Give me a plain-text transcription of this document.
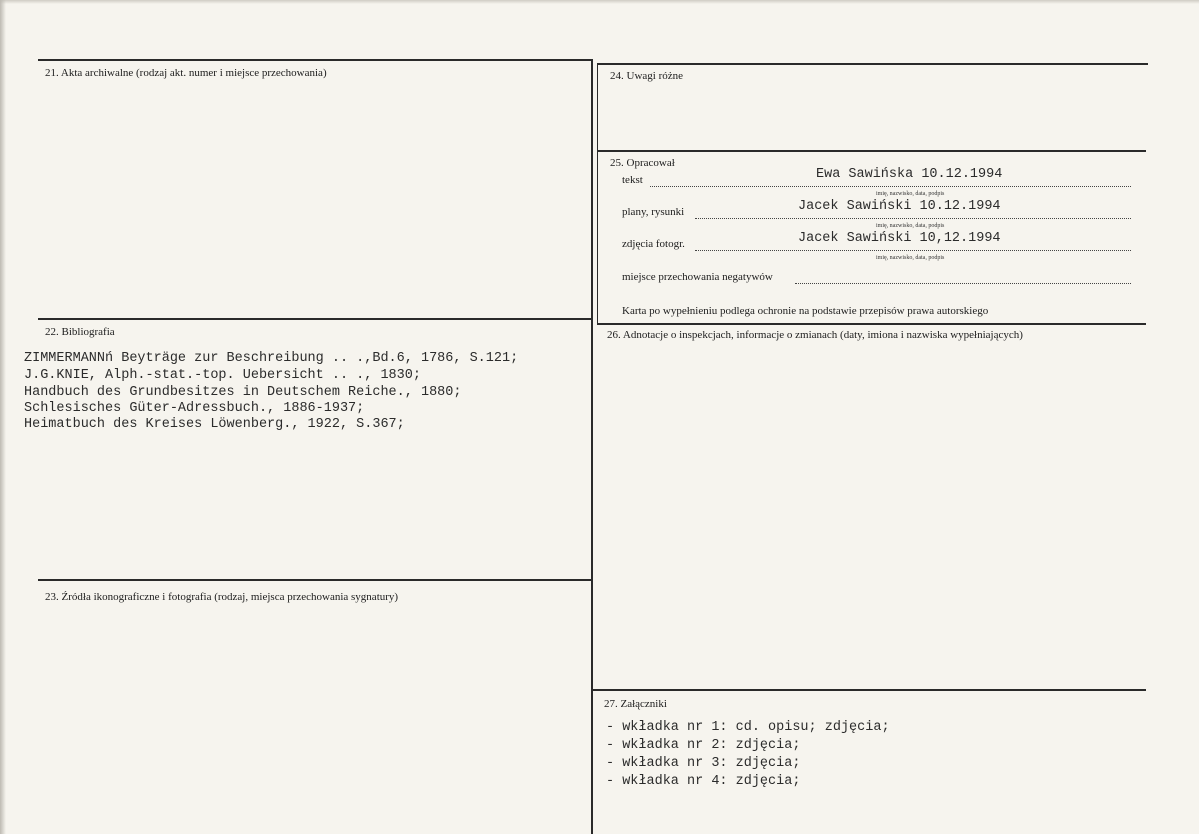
21. Akta archiwalne (rodzaj akt. numer i miejsce przechowania)	24. Uwagi różne
25. Opracował
tekst	Ewa Sawińska 10.12.1994
imię, nazwisko, data, podpis
plany, rysunki	Jacek Sawiński 10.12.1994
imię, nazwisko, data, podpis
zdjęcia fotogr.	Jacek Sawiński 10,12.1994
imię, nazwisko, data, podpis
miejsce przechowania negatywów
Karta po wypełnieniu podlega ochronie na podstawie przepisów prawa autorskiego
22. Bibliografia
ZIMMERMANNń Beyträge zur Beschreibung .. .,Bd.6, 1786, S.121;
J.G.KNIE, Alph.-stat.-top. Uebersicht .. ., 1830;
Handbuch des Grundbesitzes in Deutschem Reiche., 1880;
Schlesisches Güter-Adressbuch., 1886-1937;
Heimatbuch des Kreises Löwenberg., 1922, S.367;
26. Adnotacje o inspekcjach, informacje o zmianach (daty, imiona i nazwiska wypełniających)
23. Źródła ikonograficzne i fotografia (rodzaj, miejsca przechowania sygnatury)
27. Załączniki
- wkładka nr 1: cd. opisu; zdjęcia;
- wkładka nr 2: zdjęcia;
- wkładka nr 3: zdjęcia;
- wkładka nr 4: zdjęcia;
